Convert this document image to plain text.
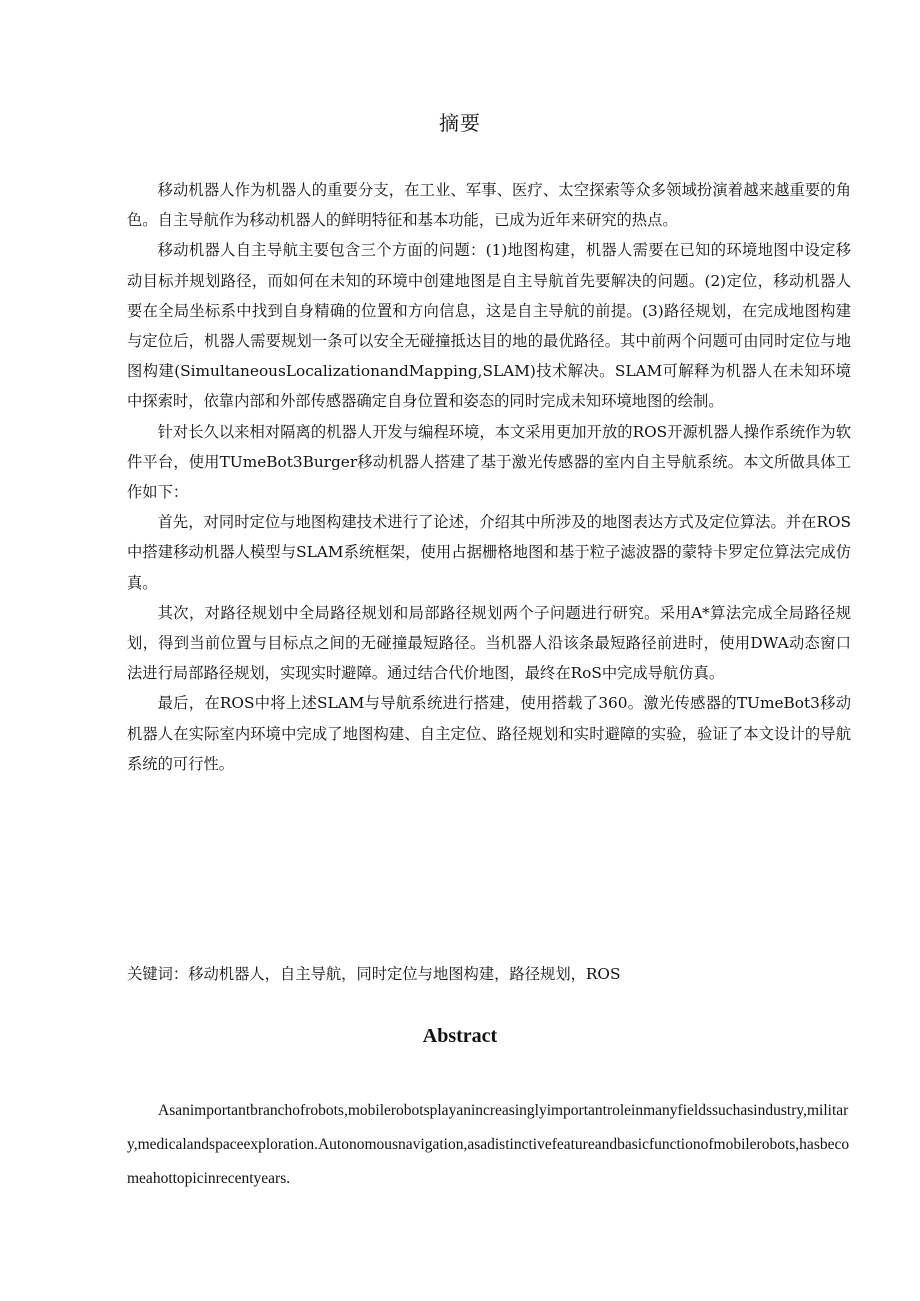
摘要

移动机器人作为机器人的重要分支，在工业、军事、医疗、太空探索等众多领域扮演着越来越重要的角色。自主导航作为移动机器人的鲜明特征和基本功能，已成为近年来研究的热点。

移动机器人自主导航主要包含三个方面的问题：(1)地图构建，机器人需要在已知的环境地图中设定移动目标并规划路径，而如何在未知的环境中创建地图是自主导航首先要解决的问题。(2)定位，移动机器人要在全局坐标系中找到自身精确的位置和方向信息，这是自主导航的前提。(3)路径规划，在完成地图构建与定位后，机器人需要规划一条可以安全无碰撞抵达目的地的最优路径。其中前两个问题可由同时定位与地图构建(SimultaneousLocalizationandMapping,SLAM)技术解决。SLAM可解释为机器人在未知环境中探索时，依靠内部和外部传感器确定自身位置和姿态的同时完成未知环境地图的绘制。

针对长久以来相对隔离的机器人开发与编程环境，本文采用更加开放的ROS开源机器人操作系统作为软件平台，使用TUmeBot3Burger移动机器人搭建了基于激光传感器的室内自主导航系统。本文所做具体工作如下：

首先，对同时定位与地图构建技术进行了论述，介绍其中所涉及的地图表达方式及定位算法。并在ROS中搭建移动机器人模型与SLAM系统框架，使用占据栅格地图和基于粒子滤波器的蒙特卡罗定位算法完成仿真。

其次，对路径规划中全局路径规划和局部路径规划两个子问题进行研究。采用A*算法完成全局路径规划，得到当前位置与目标点之间的无碰撞最短路径。当机器人沿该条最短路径前进时，使用DWA动态窗口法进行局部路径规划，实现实时避障。通过结合代价地图，最终在RoS中完成导航仿真。

最后，在ROS中将上述SLAM与导航系统进行搭建，使用搭载了360。激光传感器的TUmeBot3移动机器人在实际室内环境中完成了地图构建、自主定位、路径规划和实时避障的实验，验证了本文设计的导航系统的可行性。

关键词：移动机器人，自主导航，同时定位与地图构建，路径规划，ROS

Abstract

Asanimportantbranchofrobots,mobilerobotsplayanincreasinglyimportantroleinmanyfieldssuchasindustry,military,medicalandspaceexploration.Autonomousnavigation,asadistinctivefeatureandbasicfunctionofmobilerobots,hasbecomeahottopicinrecentyears.
